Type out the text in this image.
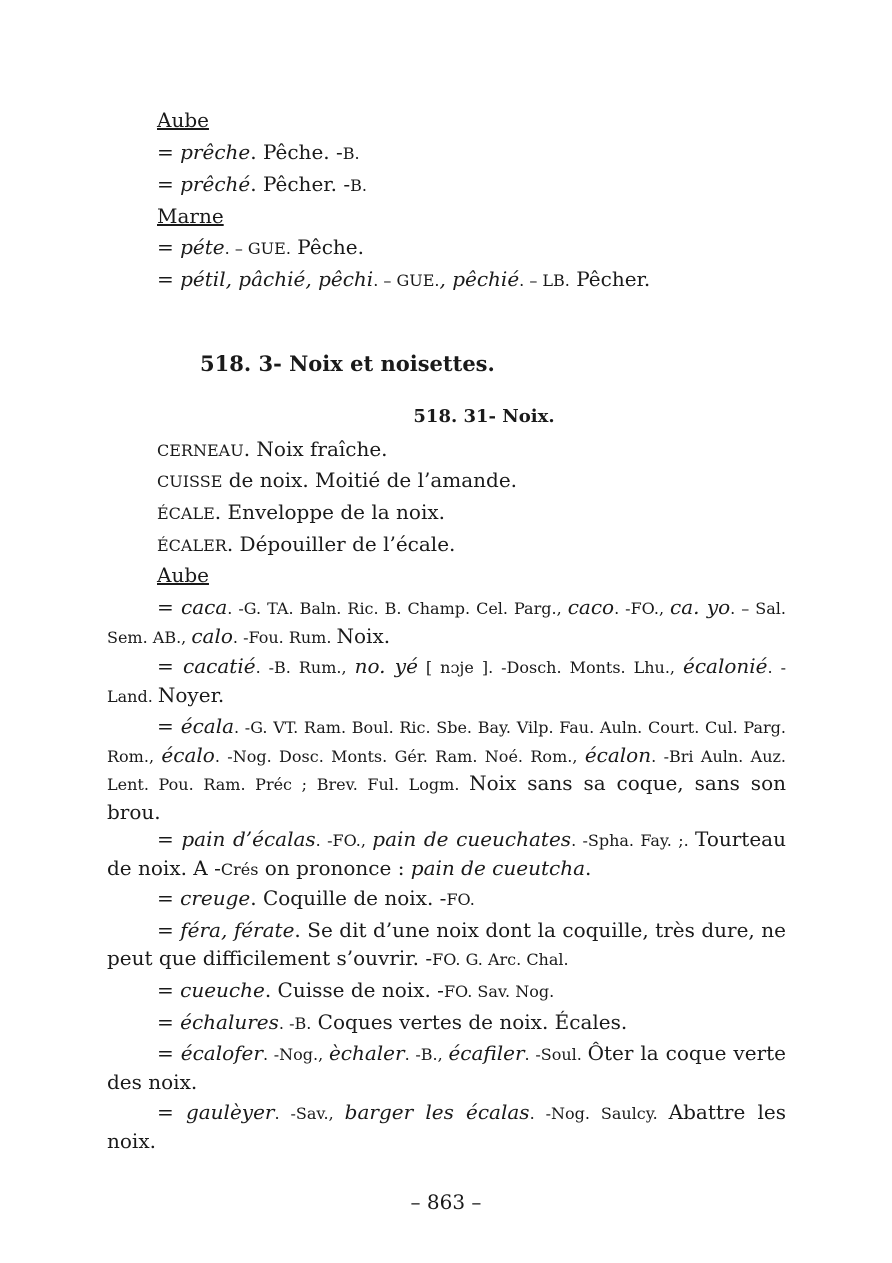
Aube
= prêche. Pêche. -B.
= prêché. Pêcher. -B.
Marne
= péte. – GUE. Pêche.
= pétil, pâchié, pêchi. – GUE., pêchié. – LB. Pêcher.
518. 3- Noix et noisettes.
518. 31- Noix.
CERNEAU. Noix fraîche.
CUISSE de noix. Moitié de l’amande.
ÉCALE. Enveloppe de la noix.
ÉCALER. Dépouiller de l’écale.
Aube
= caca. -G. TA. Baln. Ric. B. Champ. Cel. Parg., caco. -FO., ca. yo. – Sal. Sem. AB., calo. -Fou. Rum. Noix.
= cacatié. -B. Rum., no. yé [ nɔje ]. -Dosch. Monts. Lhu., écalonié. -Land. Noyer.
= écala. -G. VT. Ram. Boul. Ric. Sbe. Bay. Vilp. Fau. Auln. Court. Cul. Parg. Rom., écalo. -Nog. Dosc. Monts. Gér. Ram. Noé. Rom., écalon. -Bri Auln. Auz. Lent. Pou. Ram. Préc ; Brev. Ful. Logm. Noix sans sa coque, sans son brou.
= pain d’écalas. -FO., pain de cueuchates. -Spha. Fay. ;. Tourteau de noix. A -Crés on prononce : pain de cueutcha.
= creuge. Coquille de noix. -FO.
= féra, férate. Se dit d’une noix dont la coquille, très dure, ne peut que difficilement s’ouvrir. -FO. G. Arc. Chal.
= cueuche. Cuisse de noix. -FO. Sav. Nog.
= échalures. -B. Coques vertes de noix. Écales.
= écalofer. -Nog., èchaler. -B., écafiler. -Soul. Ôter la coque verte des noix.
= gaulèyer. -Sav., barger les écalas. -Nog. Saulcy. Abattre les noix.
– 863 –
